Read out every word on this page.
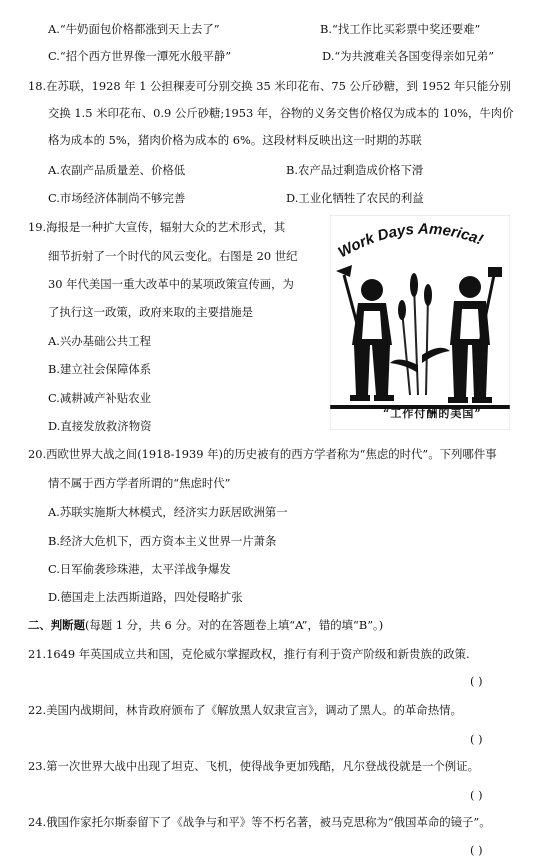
A.“牛奶面包价格都涨到天上去了”	B.“找工作比买彩票中奖还要难”
C.“招个西方世界像一潭死水般平静”	D.“为共渡难关各国变得亲如兄弟”
18.在苏联，1928 年 1 公担稞麦可分别交换 35 米印花布、75 公斤砂糖，到 1952 年只能分别
交换 1.5 米印花布、0.9 公斤砂糖;1953 年，谷物的义务交售价格仅为成本的 10%，牛肉价
格为成本的 5%，猪肉价格为成本的 6%。这段材料反映出这一时期的苏联
A.农副产品质量差、价格低	B.农产品过剩造成价格下滑
C.市场经济体制尚不够完善	D.工业化牺牲了农民的利益
19.海报是一种扩大宣传，辐射大众的艺术形式，其
细节折射了一个时代的风云变化。右图是 20 世纪
30 年代美国一重大改革中的某项政策宣传画，为
了执行这一政策，政府来取的主要措施是
A.兴办基础公共工程
B.建立社会保障体系
C.减耕减产补贴农业
D.直接发放救济物资
Work Days America!
“工作付酬的美国”
20.西欧世界大战之间(1918-1939 年)的历史被有的西方学者称为“焦虑的时代”。下列哪件事
情不属于西方学者所谓的“焦虑时代”
A.苏联实施斯大林模式，经济实力跃居欧洲第一
B.经济大危机下，西方资本主义世界一片萧条
C.日军偷袭珍珠港，太平洋战争爆发
D.德国走上法西斯道路，四处侵略扩张
二、判断题(每题 1 分，共 6 分。对的在答题卷上填“A”，错的填“B”。)
21.1649 年英国成立共和国，克伦威尔掌握政权，推行有利于资产阶级和新贵族的政策.
( )
22.美国内战期间，林肯政府颁布了《解放黑人奴隶宣言》，调动了黑人。的革命热情。
( )
23.第一次世界大战中出现了坦克、飞机，使得战争更加残酷，凡尔登战役就是一个例证。
( )
24.俄国作家托尔斯泰留下了《战争与和平》等不朽名著，被马克思称为“俄国革命的镜子”。
( )
